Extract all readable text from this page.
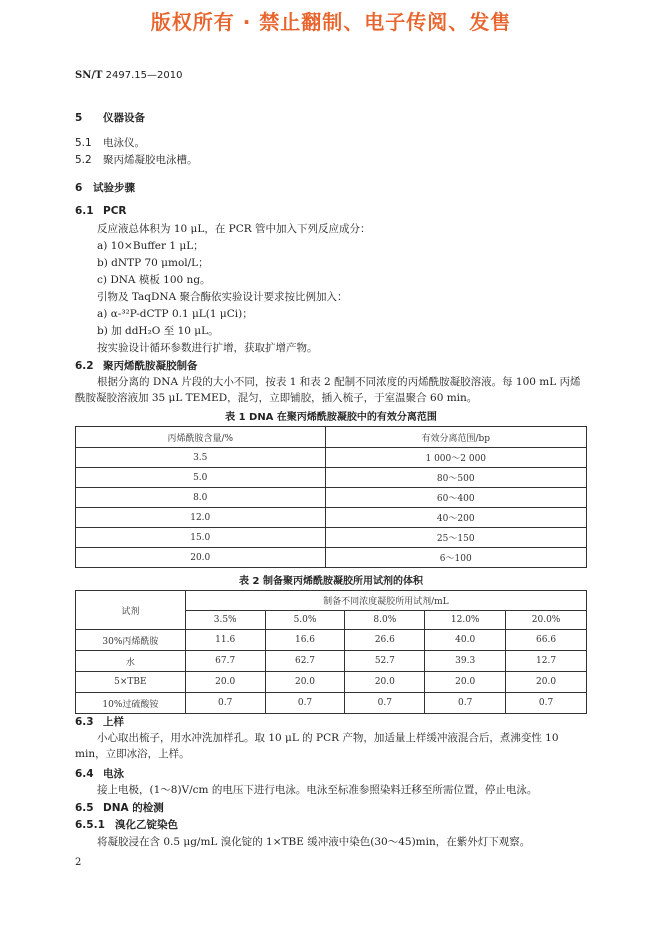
版权所有 · 禁止翻制、电子传阅、发售
SN/T 2497.15—2010
5 仪器设备
5.1 电泳仪。
5.2 聚丙烯凝胶电泳槽。
6 试验步骤
6.1 PCR
反应液总体积为 10 μL，在 PCR 管中加入下列反应成分：
a) 10×Buffer 1 μL；
b) dNTP 70 μmol/L；
c) DNA 模板 100 ng。
引物及 TaqDNA 聚合酶依实验设计要求按比例加入：
a) α-³²P-dCTP 0.1 μL(1 μCi)；
b) 加 ddH₂O 至 10 μL。
按实验设计循环参数进行扩增，获取扩增产物。
6.2 聚丙烯酰胺凝胶制备
根据分离的 DNA 片段的大小不同，按表 1 和表 2 配制不同浓度的丙烯酰胺凝胶溶液。每 100 mL 丙烯酰胺凝胶溶液加 35 μL TEMED，混匀，立即铺胶，插入梳子，于室温聚合 60 min。
表 1 DNA 在聚丙烯酰胺凝胶中的有效分离范围
丙烯酰胺含量/%	有效分离范围/bp
3.5	1 000～2 000
5.0	80～500
8.0	60～400
12.0	40～200
15.0	25～150
20.0	6～100
表 2 制备聚丙烯酰胺凝胶所用试剂的体积
试剂	制备不同浓度凝胶所用试剂/mL				
	3.5%	5.0%	8.0%	12.0%	20.0%
30%丙烯酰胺	11.6	16.6	26.6	40.0	66.6
水	67.7	62.7	52.7	39.3	12.7
5×TBE	20.0	20.0	20.0	20.0	20.0
10%过硫酸铵	0.7	0.7	0.7	0.7	0.7
6.3 上样
小心取出梳子，用水冲洗加样孔。取 10 μL 的 PCR 产物，加适量上样缓冲液混合后，煮沸变性 10 min，立即冰浴，上样。
6.4 电泳
接上电极，(1～8)V/cm 的电压下进行电泳。电泳至标准参照染料迁移至所需位置，停止电泳。
6.5 DNA 的检测
6.5.1 溴化乙锭染色
将凝胶浸在含 0.5 μg/mL 溴化锭的 1×TBE 缓冲液中染色(30～45)min，在紫外灯下观察。
2
